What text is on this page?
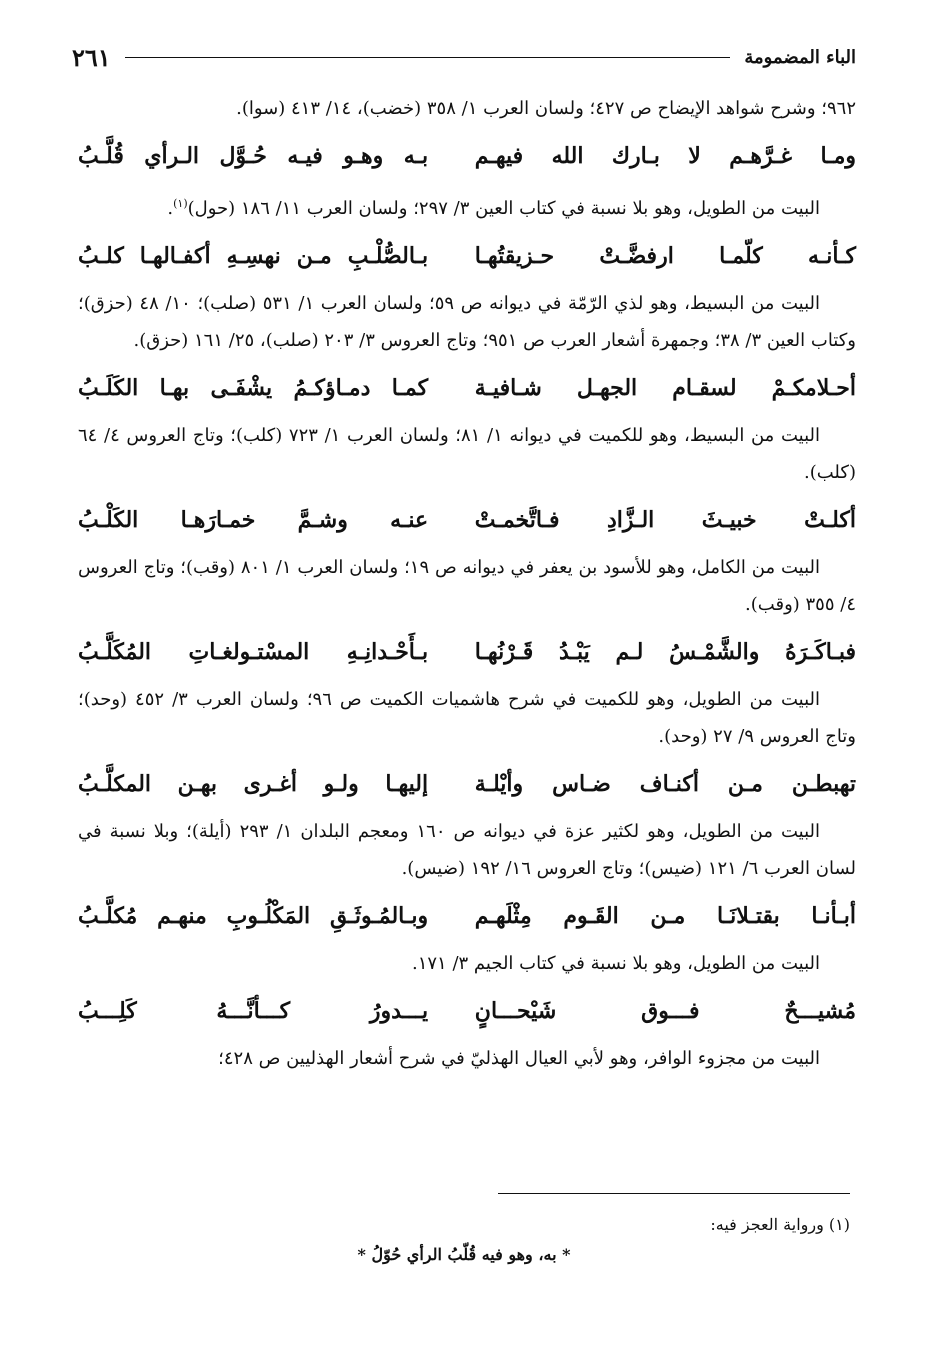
الباء المضمومة
٢٦١

٩٦٢؛ وشرح شواهد الإيضاح ص ٤٢٧؛ ولسان العرب ١/ ٣٥٨ (خضب)، ١٤/ ٤١٣ (سوا).

ومـا غـرَّهـم لا بـارك الله فيهـم
بـه وهـو فيـه حُـوَّل الـرأي قُلَّـبُ

البيت من الطويل، وهو بلا نسبة في كتاب العين ٣/ ٢٩٧؛ ولسان العرب ١١/ ١٨٦ (حول)$^{(١)}$.

كـأنـه كلّمـا ارفضَّـتْ حـزيقتُهـا
بـالصُّلْـبِ مـن نهسِـهِ أكفـالهـا كلـبُ

البيت من البسيط، وهو لذي الرّمّة في ديوانه ص ٥٩؛ ولسان العرب ١/ ٥٣١ (صلب)؛ ١٠/ ٤٨ (حزق)؛ وكتاب العين ٣/ ٣٨؛ وجمهرة أشعار العرب ص ٩٥١؛ وتاج العروس ٣/ ٢٠٣ (صلب)، ٢٥/ ١٦١ (حزق).

أحـلامكـمْ لسقـام الجهـل شـافيـة
كمـا دمـاؤكـمُ يشْفَـى بهـا الكَلَـبُ

البيت من البسيط، وهو للكميت في ديوانه ١/ ٨١؛ ولسان العرب ١/ ٧٢٣ (كلب)؛ وتاج العروس ٤/ ٦٤ (كلب).

أكلـتْ خبيـثَ الـزَّادِ فـاتَّخمـتْ
عنـه وشـمَّ خمـارَهـا الكَلْـبُ

البيت من الكامل، وهو للأسود بن يعفر في ديوانه ص ١٩؛ ولسان العرب ١/ ٨٠١ (وقب)؛ وتاج العروس ٤/ ٣٥٥ (وقب).

فبـاكَـرَهُ والشَّمْـسُ لـم يَبْـدُ قَـرْنُهـا
بـأَحْـدانِـهِ المسْتـولغـاتِ المُكَلَّـبُ

البيت من الطويل، وهو للكميت في شرح هاشميات الكميت ص ٩٦؛ ولسان العرب ٣/ ٤٥٢ (وحد)؛ وتاج العروس ٩/ ٢٧ (وحد).

تهبطـن مـن أكنـاف ضـاس وأيْلـة
إليهـا ولـو أغـرى بهـن المكلَّـبُ

البيت من الطويل، وهو لكثير عزة في ديوانه ص ١٦٠ ومعجم البلدان ١/ ٢٩٣ (أيلة)؛ وبلا نسبة في لسان العرب ٦/ ١٢١ (ضيس)؛ وتاج العروس ١٦/ ١٩٢ (ضيس).

أبـأنـا بقتـلانَـا مـن القَـوم مِثْلَهـم
وبـالمُـوثَـقِ المَكْلُـوبِ منهـم مُكلَّـبُ

البيت من الطويل، وهو بلا نسبة في كتاب الجيم ٣/ ١٧١.

مُشيـــحٌ فـــوق شَيْحـــانٍ
يـــدورُ كـــأنَّـــهُ كَلِـــبُ

البيت من مجزوء الوافر، وهو لأبي العيال الهذليّ في شرح أشعار الهذليين ص ٤٢٨؛

(١) ورواية العجز فيه:

* به، وهو فيه قُلّبُ الرأي حُوّلُ *
